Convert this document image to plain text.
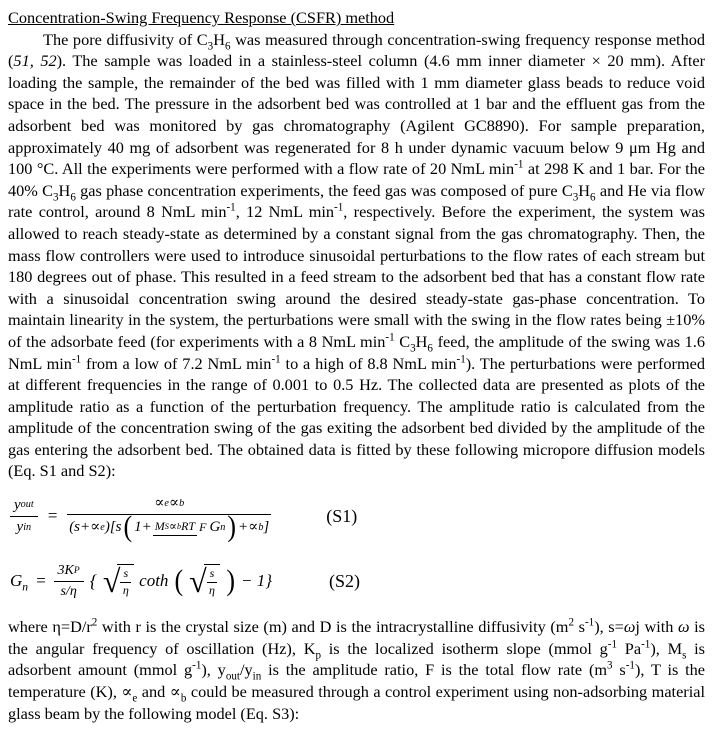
Concentration-Swing Frequency Response (CSFR) method

The pore diffusivity of $C_3H_6$ was measured through concentration-swing frequency response method (51, 52). The sample was loaded in a stainless-steel column (4.6 mm inner diameter × 20 mm). After loading the sample, the remainder of the bed was filled with 1 mm diameter glass beads to reduce void space in the bed. The pressure in the adsorbent bed was controlled at 1 bar and the effluent gas from the adsorbent bed was monitored by gas chromatography (Agilent GC8890). For sample preparation, approximately 40 mg of adsorbent was regenerated for 8 h under dynamic vacuum below 9 μm Hg and 100 °C. All the experiments were performed with a flow rate of 20 NmL $\min^{-1}$ at 298 K and 1 bar. For the 40% $C_3H_6$ gas phase concentration experiments, the feed gas was composed of pure $C_3H_6$ and He via flow rate control, around 8 NmL $\min^{-1}$, 12 NmL $\min^{-1}$, respectively. Before the experiment, the system was allowed to reach steady-state as determined by a constant signal from the gas chromatography. Then, the mass flow controllers were used to introduce sinusoidal perturbations to the flow rates of each stream but 180 degrees out of phase. This resulted in a feed stream to the adsorbent bed that has a constant flow rate with a sinusoidal concentration swing around the desired steady-state gas-phase concentration. To maintain linearity in the system, the perturbations were small with the swing in the flow rates being ±10% of the adsorbate feed (for experiments with a 8 NmL $\min^{-1} C_3H_6$ feed, the amplitude of the swing was 1.6 NmL $\min^{-1}$ from a low of 7.2 NmL $\min^{-1}$ to a high of 8.8 NmL $\min^{-1}$). The perturbations were performed at different frequencies in the range of 0.001 to 0.5 Hz. The collected data are presented as plots of the amplitude ratio as a function of the perturbation frequency. The amplitude ratio is calculated from the amplitude of the concentration swing of the gas exiting the adsorbent bed divided by the amplitude of the gas entering the adsorbent bed. The obtained data is fitted by these following micropore diffusion models (Eq. S1 and S2):

$\frac{\text{y out}}{\text{y in}}$ =
∝ e ∝ b
(s+∝ e )[s ( 1+ M S ∝ b RT F G n ) +∝ b ]
(S1)
$G_n = \frac{\text{3K P}}{s/\eta}$ { √ $\frac{s}{\eta}$ coth ( √ $\frac{s}{\eta}$ ) − 1}	(S2)

where $\eta=D/r^2$ with r is the crystal size (m) and D is the intracrystalline diffusivity ($m^2$ $s^{-1}$), s=ωj with ω is the angular frequency of oscillation (Hz), $K_p$ is the localized isotherm slope (mmol $g^{-1}$ $Pa^{-1}$), $M_s$ is adsorbent amount (mmol $g^{-1}$), $y_{out}/y_{in}$ is the amplitude ratio, F is the total flow rate ($m^3$ $s^{-1}$), T is the temperature (K), $\propto_e$ and $\propto_b$ could be measured through a control experiment using non-adsorbing material glass beam by the following model (Eq. S3):
